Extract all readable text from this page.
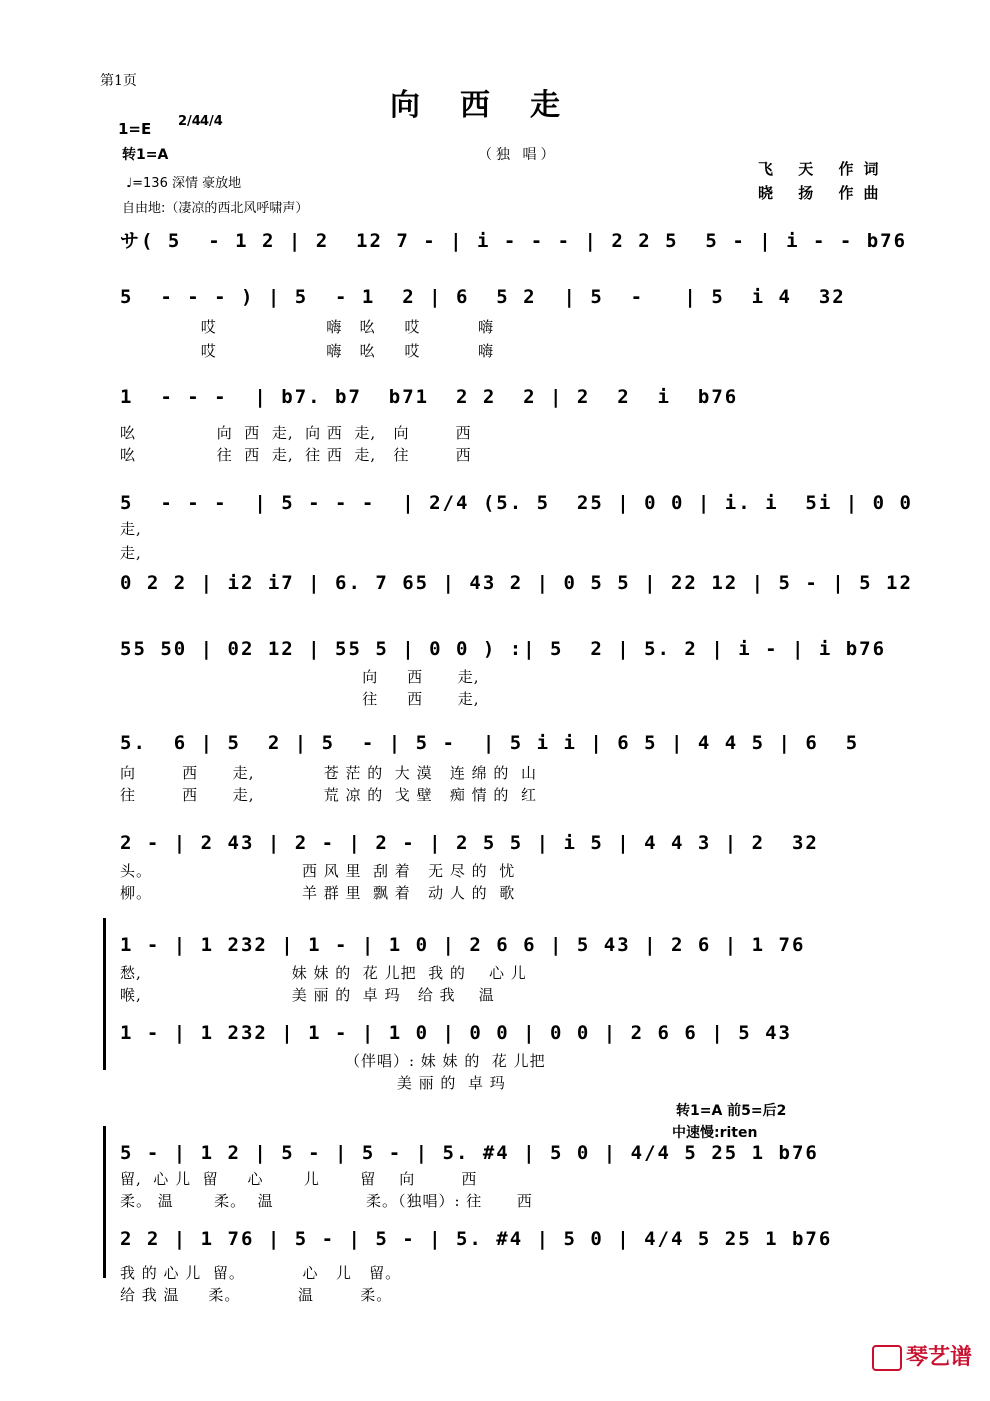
第1页
向西走
1=E 2/4 4/4
转1=A	（独 唱）
♩=136 深情 豪放地
飞 天 作词
晓 扬 作曲
自由地:（凄凉的西北风呼啸声）
サ( 5  - 1 2 | 2  12 7 - | i - - - | 2 2 5  5 - | i - - b76
5  - - - ) | 5  - 1  2 | 6  5 2  | 5  -   | 5  i 4  32
哎                   嗨   吆     哎          嗨
哎                   嗨   吆     哎          嗨
1  - - -  | b7. b7  b71  2 2  2 | 2  2  i  b76
吆              向  西  走,  向 西  走,   向        西
吆              往  西  走,  往 西  走,   往        西
5  - - -  | 5 - - -  | 2/4 (5. 5  25 | 0 0 | i. i  5i | 0 0
走,
走,
0 2 2 | i2 i7 | 6. 7 65 | 43 2 | 0 5 5 | 22 12 | 5 - | 5 12
55 50 | 02 12 | 55 5 | 0 0 ) :| 5  2 | 5. 2 | i - | i b76
向     西      走,
往     西      走,
5.  6 | 5  2 | 5  - | 5 -  | 5 i i | 6 5 | 4 4 5 | 6  5
向        西      走,            苍 茫 的  大 漠   连 绵 的  山
往        西      走,            荒 凉 的  戈 壁   痴 情 的  红
2 - | 2 43 | 2 - | 2 - | 2 5 5 | i 5 | 4 4 3 | 2  32
头。                          西 风 里  刮 着   无 尽 的  忧
柳。                          羊 群 里  飘 着   动 人 的  歌
1 - | 1 232 | 1 - | 1 0 | 2 6 6 | 5 43 | 2 6 | 1 76
愁,                          妹 妹 的  花 儿把  我 的    心 儿
喉,                          美 丽 的  卓 玛   给 我    温
1 - | 1 232 | 1 - | 1 0 | 0 0 | 0 0 | 2 6 6 | 5 43
（伴唱）: 妹 妹 的  花 儿把
美 丽 的  卓 玛
转1=A 前5=后2
中速慢:riten
5 - | 1 2 | 5 - | 5 - | 5. #4 | 5 0 | 4/4 5 25 1 b76
留,  心 儿  留     心       儿       留    向        西
柔。 温       柔。  温                柔。（独唱）: 往      西
2 2 | 1 76 | 5 - | 5 - | 5. #4 | 5 0 | 4/4 5 25 1 b76
我 的 心 儿  留。          心   儿   留。
给 我 温     柔。          温        柔。
琴艺谱
